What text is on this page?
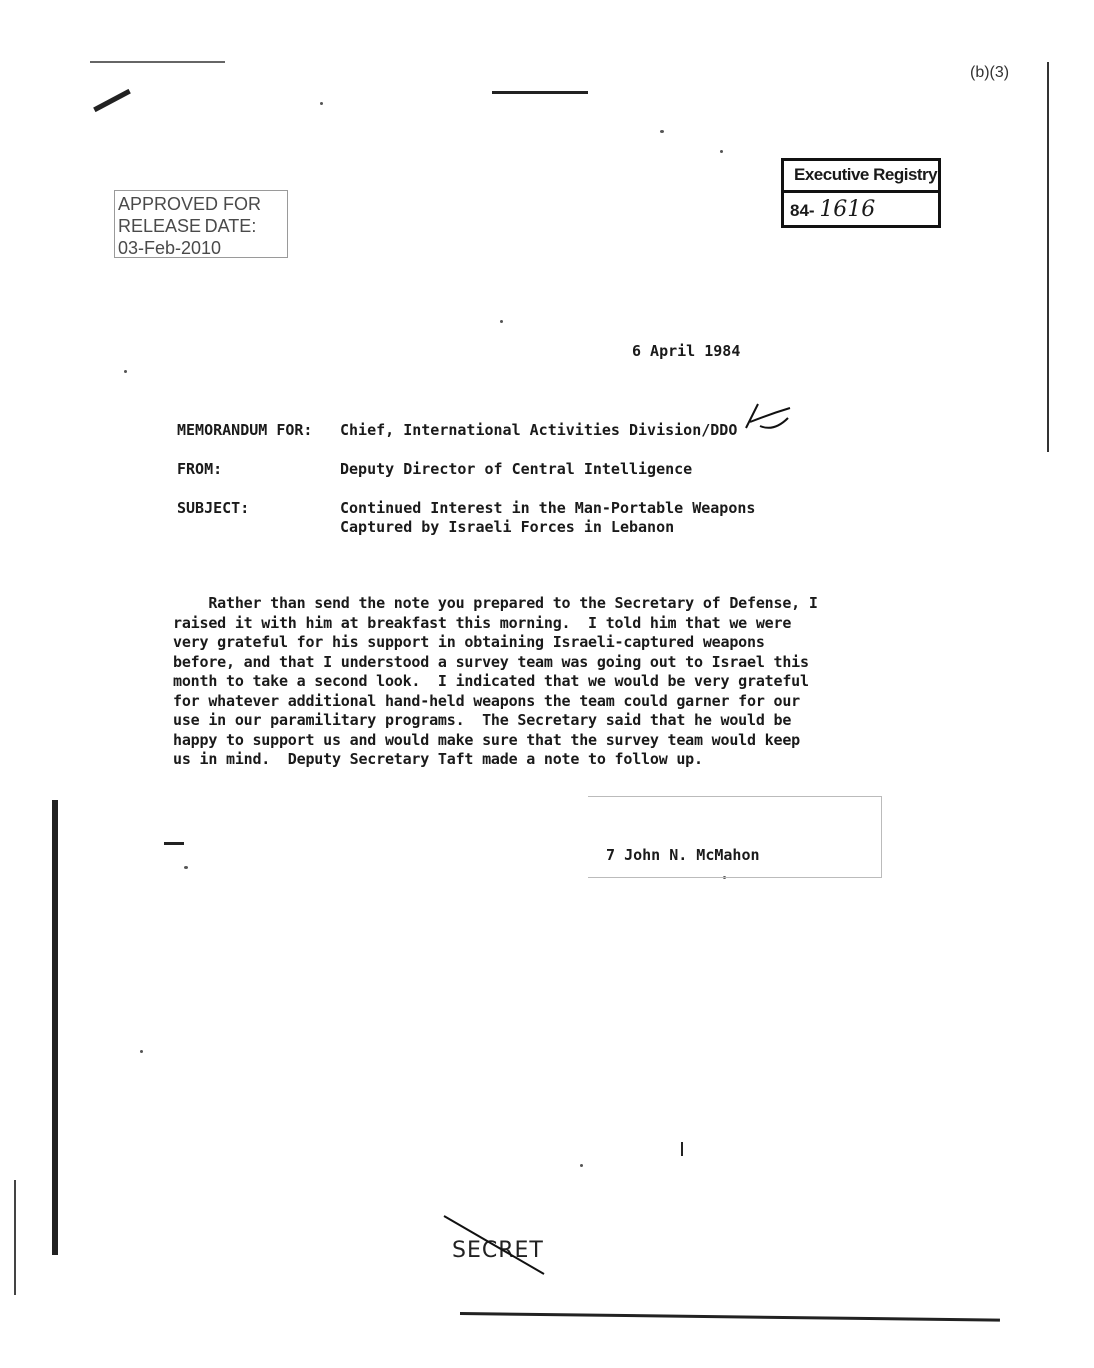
(b)(3)
APPROVED FOR
RELEASE DATE:
03-Feb-2010
Executive Registry
84- 1616
6 April 1984
MEMORANDUM FOR: Chief, International Activities Division/DDO
FROM:	Deputy Director of Central Intelligence
SUBJECT:	Continued Interest in the Man-Portable Weapons
Captured by Israeli Forces in Lebanon
Rather than send the note you prepared to the Secretary of Defense, I
raised it with him at breakfast this morning.  I told him that we were
very grateful for his support in obtaining Israeli-captured weapons
before, and that I understood a survey team was going out to Israel this
month to take a second look.  I indicated that we would be very grateful
for whatever additional hand-held weapons the team could garner for our
use in our paramilitary programs.  The Secretary said that he would be
happy to support us and would make sure that the survey team would keep
us in mind.  Deputy Secretary Taft made a note to follow up.
7 John N. McMahon
SECRET
